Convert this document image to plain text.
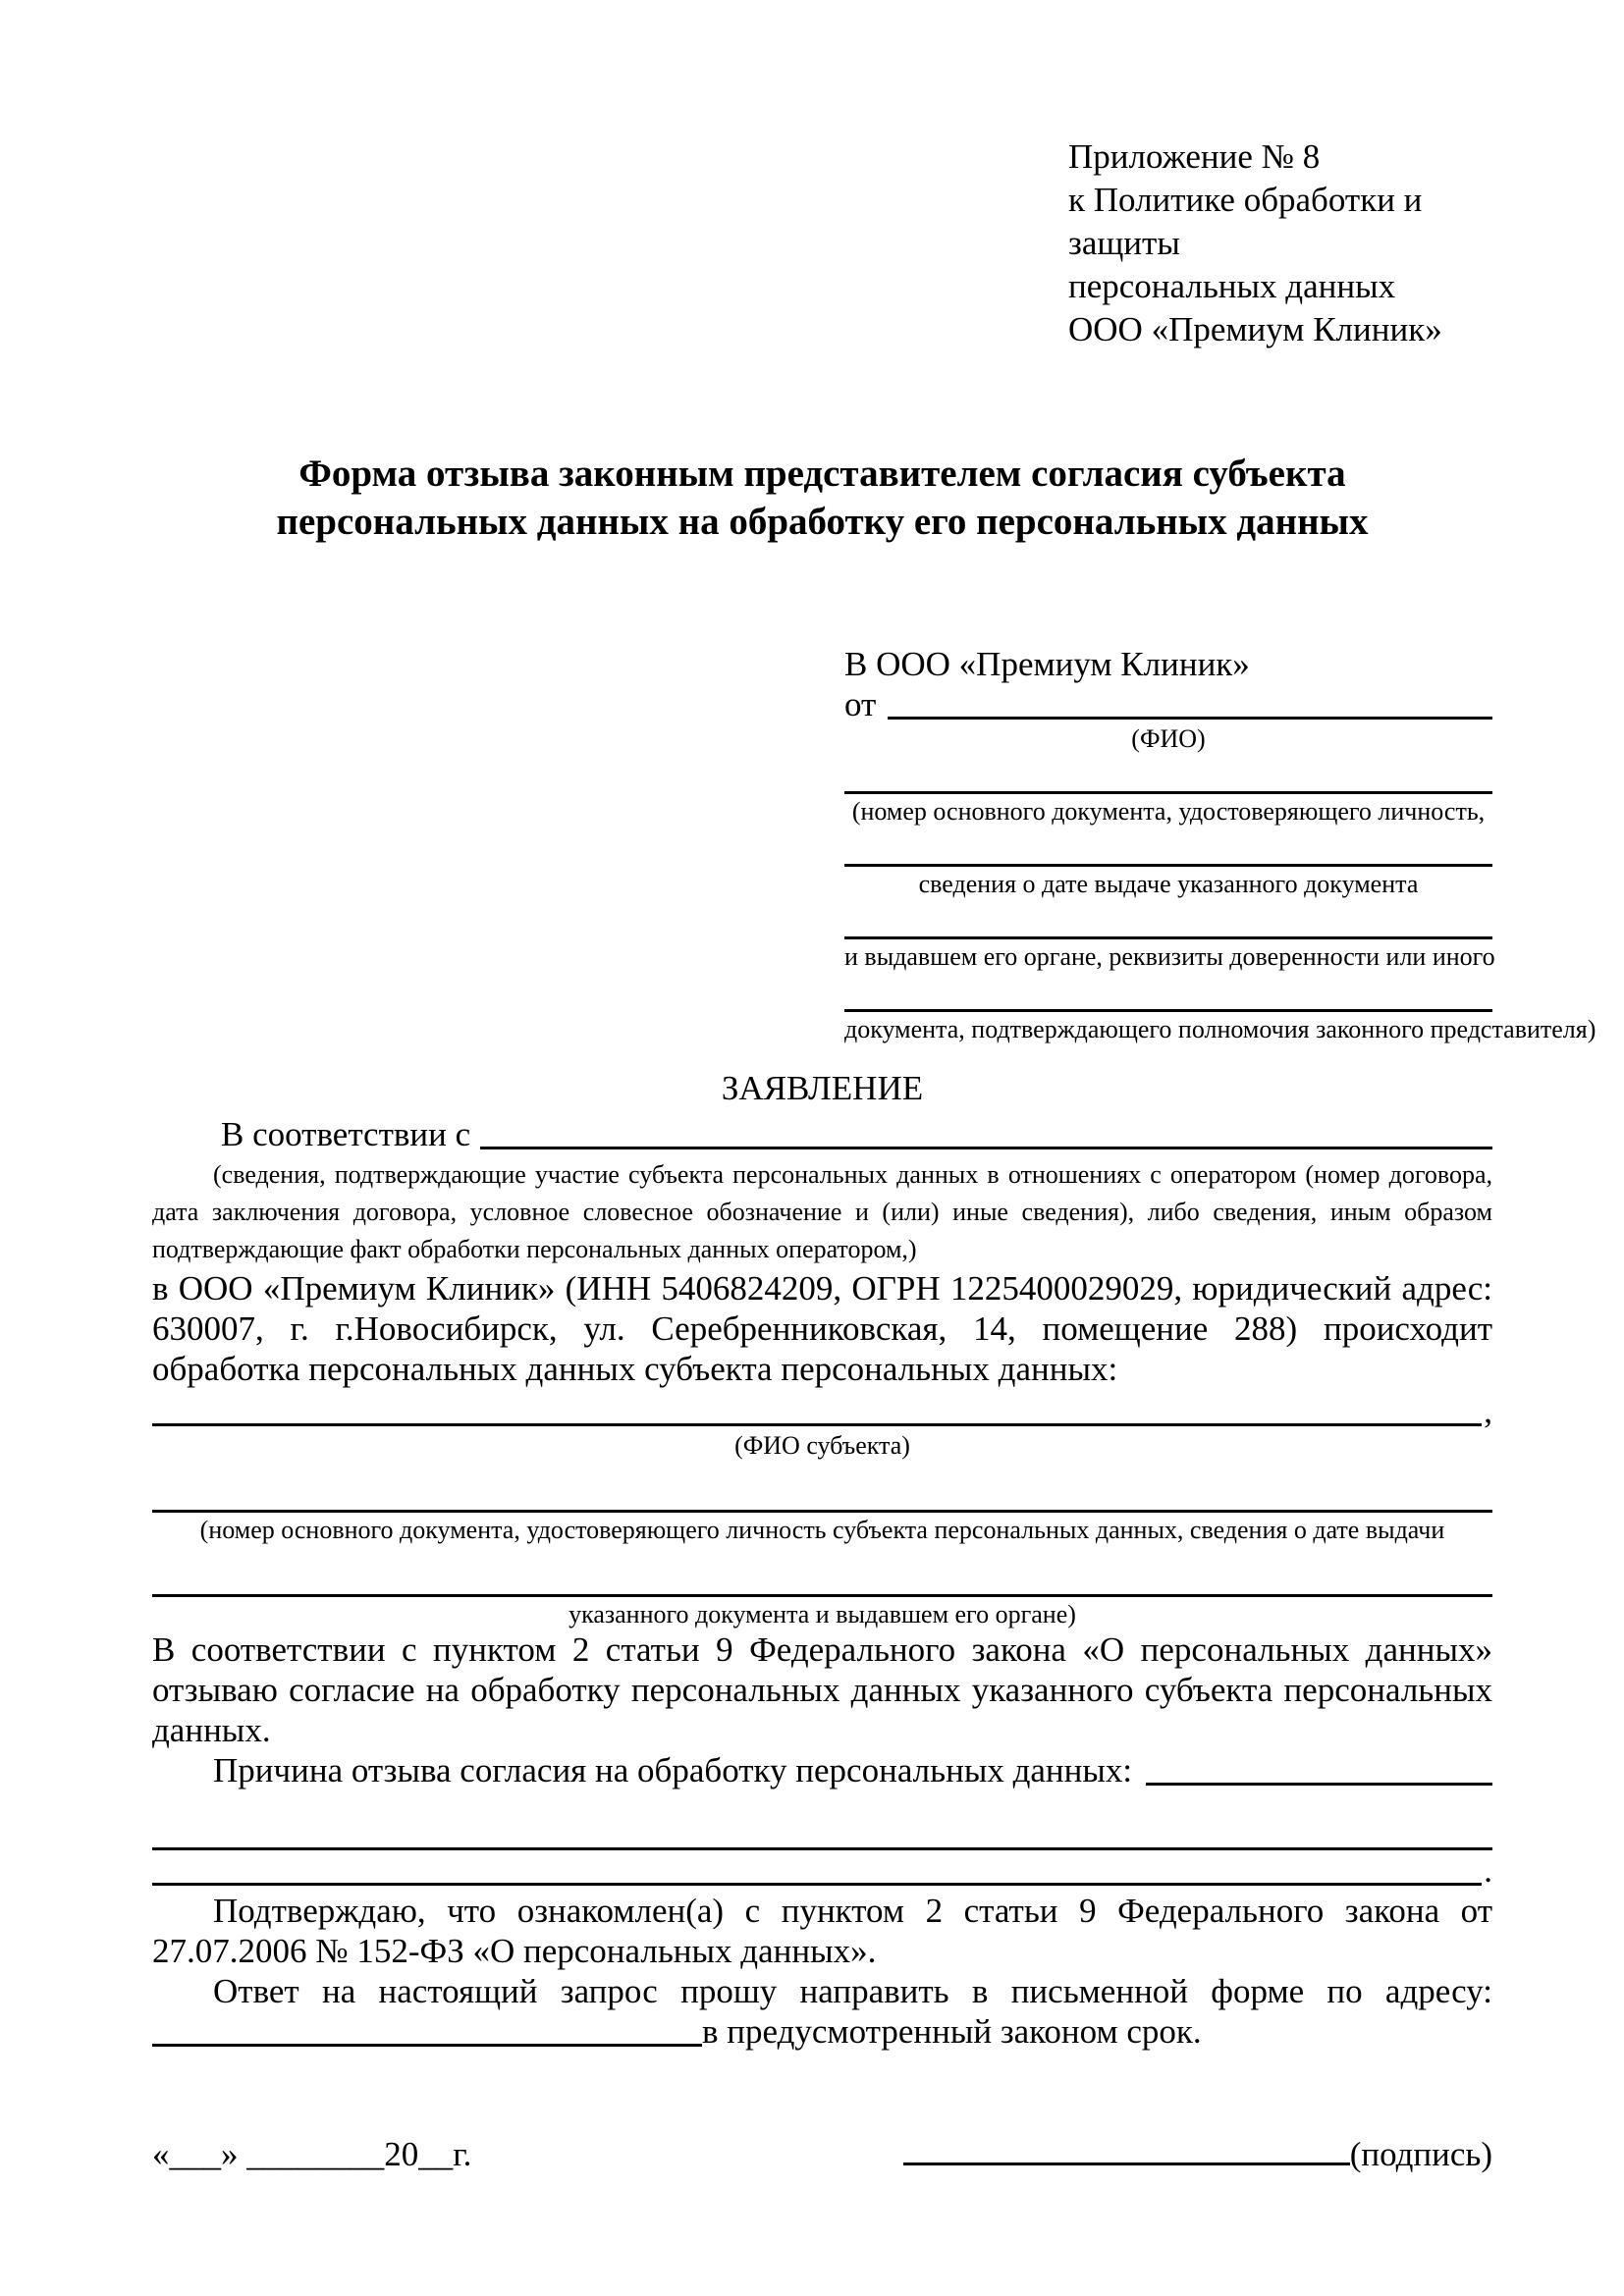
Приложение № 8
к Политике обработки и защиты
персональных данных
ООО «Премиум Клиник»
Форма отзыва законным представителем согласия субъекта персональных данных на обработку его персональных данных
В ООО «Премиум Клиник»
от
(ФИО)
(номер основного документа, удостоверяющего личность,
сведения о дате выдаче указанного документа
и выдавшем его органе, реквизиты доверенности или иного
документа, подтверждающего полномочия законного представителя)
ЗАЯВЛЕНИЕ
В соответствии с

(сведения, подтверждающие участие субъекта персональных данных в отношениях с оператором (номер договора, дата заключения договора, условное словесное обозначение и (или) иные сведения), либо сведения, иным образом подтверждающие факт обработки персональных данных оператором,)

в ООО «Премиум Клиник» (ИНН 5406824209, ОГРН 1225400029029, юридический адрес: 630007, г. г.Новосибирск, ул. Серебренниковская, 14, помещение 288) происходит обработка персональных данных субъекта персональных данных:

,
(ФИО субъекта)
(номер основного документа, удостоверяющего личность субъекта персональных данных, сведения о дате выдачи
указанного документа и выдавшем его органе)

В соответствии с пунктом 2 статьи 9 Федерального закона «О персональных данных» отзываю согласие на обработку персональных данных указанного субъекта персональных данных.

Причина отзыва согласия на обработку персональных данных:
.

Подтверждаю, что ознакомлен(а) с пунктом 2 статьи 9 Федерального закона от 27.07.2006 № 152-ФЗ «О персональных данных».

Ответ на настоящий запрос прошу направить в письменной форме по адресу:

в предусмотренный законом срок.
«___» ________20__г.	(подпись)
